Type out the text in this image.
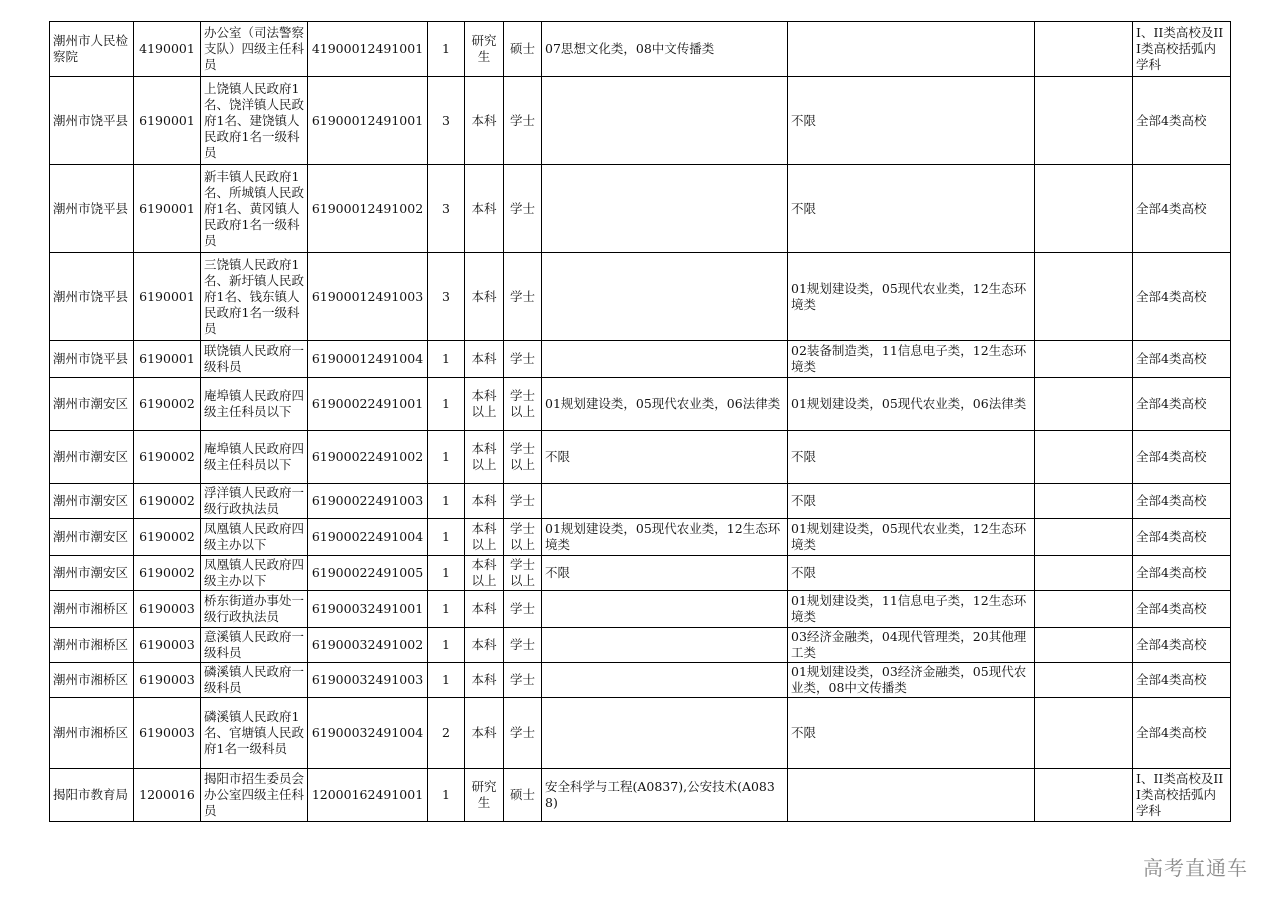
潮州市人民检察院	4190001	办公室（司法警察支队）四级主任科员	41900012491001	1	研究生	硕士	07思想文化类，08中文传播类			I、II类高校及III类高校括弧内学科
潮州市饶平县	6190001	上饶镇人民政府1名、饶洋镇人民政府1名、建饶镇人民政府1名一级科员	61900012491001	3	本科	学士		不限		全部4类高校
潮州市饶平县	6190001	新丰镇人民政府1名、所城镇人民政府1名、黄冈镇人民政府1名一级科员	61900012491002	3	本科	学士		不限		全部4类高校
潮州市饶平县	6190001	三饶镇人民政府1名、新圩镇人民政府1名、钱东镇人民政府1名一级科员	61900012491003	3	本科	学士		01规划建设类，05现代农业类，12生态环境类		全部4类高校
潮州市饶平县	6190001	联饶镇人民政府一级科员	61900012491004	1	本科	学士		02装备制造类，11信息电子类，12生态环境类		全部4类高校
潮州市潮安区	6190002	庵埠镇人民政府四级主任科员以下	61900022491001	1	本科以上	学士以上	01规划建设类，05现代农业类，06法律类	01规划建设类，05现代农业类，06法律类		全部4类高校
潮州市潮安区	6190002	庵埠镇人民政府四级主任科员以下	61900022491002	1	本科以上	学士以上	不限	不限		全部4类高校
潮州市潮安区	6190002	浮洋镇人民政府一级行政执法员	61900022491003	1	本科	学士		不限		全部4类高校
潮州市潮安区	6190002	凤凰镇人民政府四级主办以下	61900022491004	1	本科以上	学士以上	01规划建设类，05现代农业类，12生态环境类	01规划建设类，05现代农业类，12生态环境类		全部4类高校
潮州市潮安区	6190002	凤凰镇人民政府四级主办以下	61900022491005	1	本科以上	学士以上	不限	不限		全部4类高校
潮州市湘桥区	6190003	桥东街道办事处一级行政执法员	61900032491001	1	本科	学士		01规划建设类，11信息电子类，12生态环境类		全部4类高校
潮州市湘桥区	6190003	意溪镇人民政府一级科员	61900032491002	1	本科	学士		03经济金融类，04现代管理类，20其他理工类		全部4类高校
潮州市湘桥区	6190003	磷溪镇人民政府一级科员	61900032491003	1	本科	学士		01规划建设类，03经济金融类，05现代农业类，08中文传播类		全部4类高校
潮州市湘桥区	6190003	磷溪镇人民政府1名、官塘镇人民政府1名一级科员	61900032491004	2	本科	学士		不限		全部4类高校
揭阳市教育局	1200016	揭阳市招生委员会办公室四级主任科员	12000162491001	1	研究生	硕士	安全科学与工程(A0837),公安技术(A0838)			I、II类高校及III类高校括弧内学科
高考直通车
